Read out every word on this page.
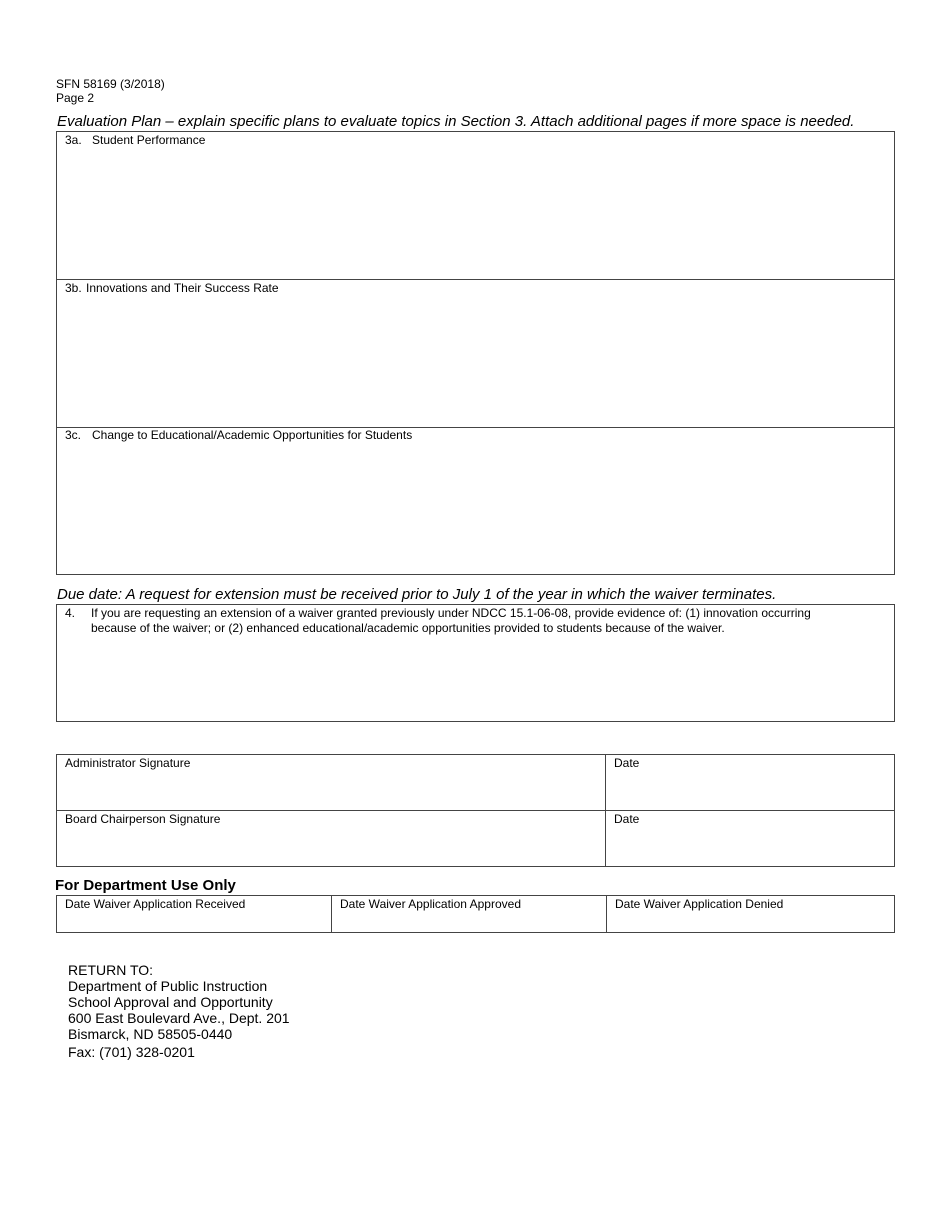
SFN 58169 (3/2018)
Page 2
Evaluation Plan – explain specific plans to evaluate topics in Section 3. Attach additional pages if more space is needed.
3a. Student Performance
3b. Innovations and Their Success Rate
3c. Change to Educational/Academic Opportunities for Students
Due date: A request for extension must be received prior to July 1 of the year in which the waiver terminates.
4. If you are requesting an extension of a waiver granted previously under NDCC 15.1-06-08, provide evidence of: (1) innovation occurring
because of the waiver; or (2) enhanced educational/academic opportunities provided to students because of the waiver.
Administrator Signature	Date
Board Chairperson Signature	Date
For Department Use Only
Date Waiver Application Received	Date Waiver Application Approved	Date Waiver Application Denied
RETURN TO:
Department of Public Instruction
School Approval and Opportunity
600 East Boulevard Ave., Dept. 201
Bismarck, ND 58505-0440
Fax: (701) 328-0201
